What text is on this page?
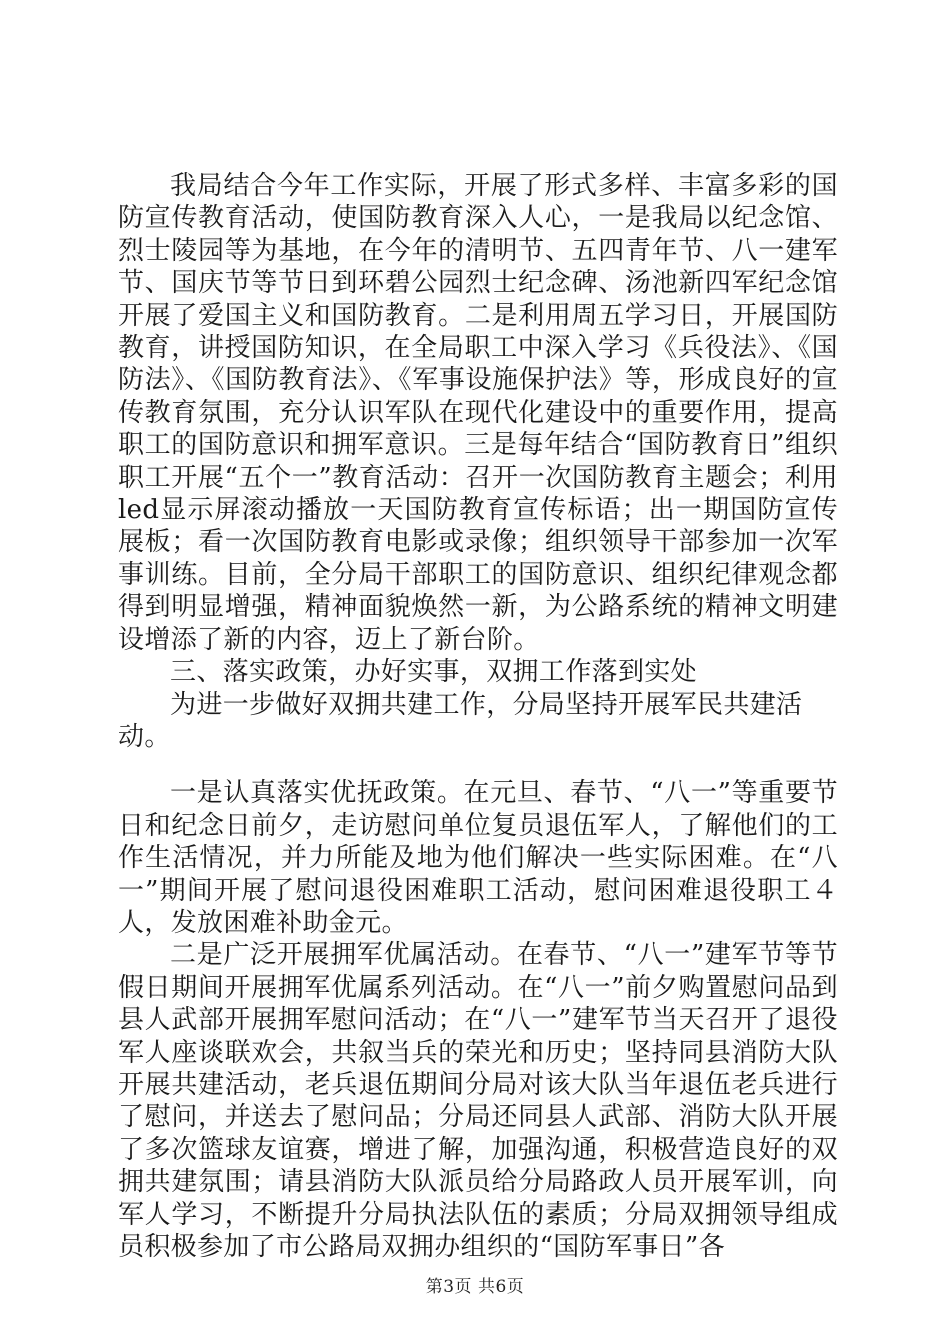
我局结合今年工作实际，开展了形式多样、丰富多彩的国防宣传教育活动，使国防教育深入人心，一是我局以纪念馆、烈士陵园等为基地，在今年的清明节、五四青年节、八一建军节、国庆节等节日到环碧公园烈士纪念碑、汤池新四军纪念馆开展了爱国主义和国防教育。二是利用周五学习日，开展国防教育，讲授国防知识，在全局职工中深入学习《兵役法》、《国防法》、《国防教育法》、《军事设施保护法》等，形成良好的宣传教育氛围，充分认识军队在现代化建设中的重要作用，提高职工的国防意识和拥军意识。三是每年结合“国防教育日”组织职工开展“五个一”教育活动：召开一次国防教育主题会；利用led显示屏滚动播放一天国防教育宣传标语；出一期国防宣传展板；看一次国防教育电影或录像；组织领导干部参加一次军事训练。目前，全分局干部职工的国防意识、组织纪律观念都得到明显增强，精神面貌焕然一新，为公路系统的精神文明建设增添了新的内容，迈上了新台阶。

三、落实政策，办好实事，双拥工作落到实处

为进一步做好双拥共建工作，分局坚持开展军民共建活动。

一是认真落实优抚政策。在元旦、春节、“八一”等重要节日和纪念日前夕，走访慰问单位复员退伍军人，了解他们的工作生活情况，并力所能及地为他们解决一些实际困难。在“八一”期间开展了慰问退役困难职工活动，慰问困难退役职工４人，发放困难补助金元。

二是广泛开展拥军优属活动。在春节、“八一”建军节等节假日期间开展拥军优属系列活动。在“八一”前夕购置慰问品到县人武部开展拥军慰问活动；在“八一”建军节当天召开了退役军人座谈联欢会，共叙当兵的荣光和历史；坚持同县消防大队开展共建活动，老兵退伍期间分局对该大队当年退伍老兵进行了慰问，并送去了慰问品；分局还同县人武部、消防大队开展了多次篮球友谊赛，增进了解，加强沟通，积极营造良好的双拥共建氛围；请县消防大队派员给分局路政人员开展军训，向军人学习，不断提升分局执法队伍的素质；分局双拥领导组成员积极参加了市公路局双拥办组织的“国防军事日”各

第3页 共6页
